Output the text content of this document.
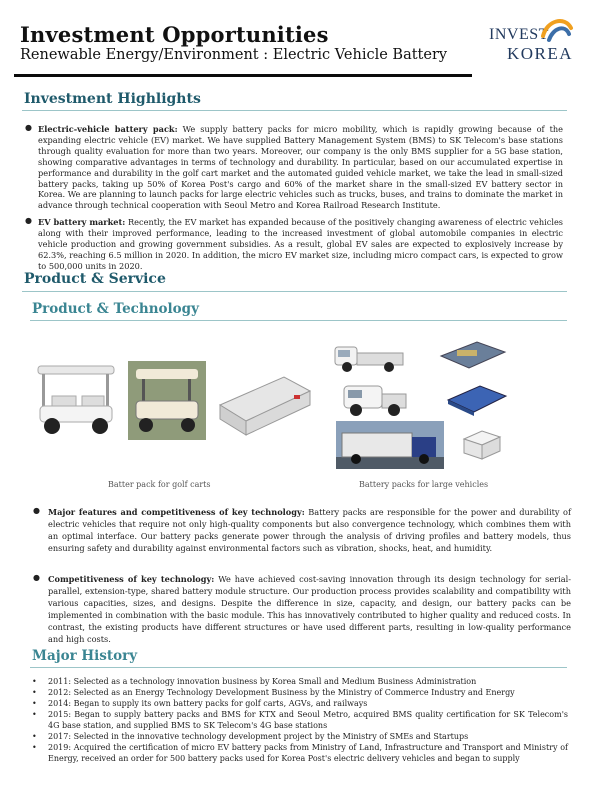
Investment Opportunities
Renewable Energy/Environment : Electric Vehicle Battery
INVEST
KOREA
Investment Highlights
● Electric-vehicle battery pack: We supply battery packs for micro mobility, which is rapidly growing because of the expanding electric vehicle (EV) market. We have supplied Battery Management System (BMS) to SK Telecom's base stations through quality evaluation for more than two years. Moreover, our company is the only BMS supplier for a 5G base station, showing comparative advantages in terms of technology and durability. In particular, based on our accumulated expertise in performance and durability in the golf cart market and the automated guided vehicle market, we take the lead in small-sized battery packs, taking up 50% of Korea Post's cargo and 60% of the market share in the small-sized EV battery sector in Korea. We are planning to launch packs for large electric vehicles such as trucks, buses, and trains to dominate the market in advance through technical cooperation with Seoul Metro and Korea Railroad Research Institute.
● EV battery market: Recently, the EV market has expanded because of the positively changing awareness of electric vehicles along with their improved performance, leading to the increased investment of global automobile companies in electric vehicle production and growing government subsidies. As a result, global EV sales are expected to explosively increase by 62.3%, reaching 6.5 million in 2020. In addition, the micro EV market size, including micro compact cars, is expected to grow to 500,000 units in 2020.
Product & Service
Product & Technology
Batter pack for golf carts	Battery packs for large vehicles
● Major features and competitiveness of key technology: Battery packs are responsible for the power and durability of electric vehicles that require not only high-quality components but also convergence technology, which combines them with an optimal interface. Our battery packs generate power through the analysis of driving profiles and battery models, thus ensuring safety and durability against environmental factors such as vibration, shocks, heat, and humidity.
● Competitiveness of key technology: We have achieved cost-saving innovation through its design technology for serial-parallel, extension-type, shared battery module structure. Our production process provides scalability and compatibility with various capacities, sizes, and designs. Despite the difference in size, capacity, and design, our battery packs can be implemented in combination with the basic module. This has innovatively contributed to higher quality and reduced costs. In contrast, the existing products have different structures or have used different parts, resulting in low-quality performance and high costs.
Major History
• 2011: Selected as a technology innovation business by Korea Small and Medium Business Administration
• 2012: Selected as an Energy Technology Development Business by the Ministry of Commerce Industry and Energy
• 2014: Began to supply its own battery packs for golf carts, AGVs, and railways
• 2015: Began to supply battery packs and BMS for KTX and Seoul Metro, acquired BMS quality certification for SK Telecom's 4G base station, and supplied BMS to SK Telecom's 4G base stations
• 2017: Selected in the innovative technology development project by the Ministry of SMEs and Startups
• 2019: Acquired the certification of micro EV battery packs from Ministry of Land, Infrastructure and Transport and Ministry of Energy, received an order for 500 battery packs used for Korea Post's electric delivery vehicles and began to supply
